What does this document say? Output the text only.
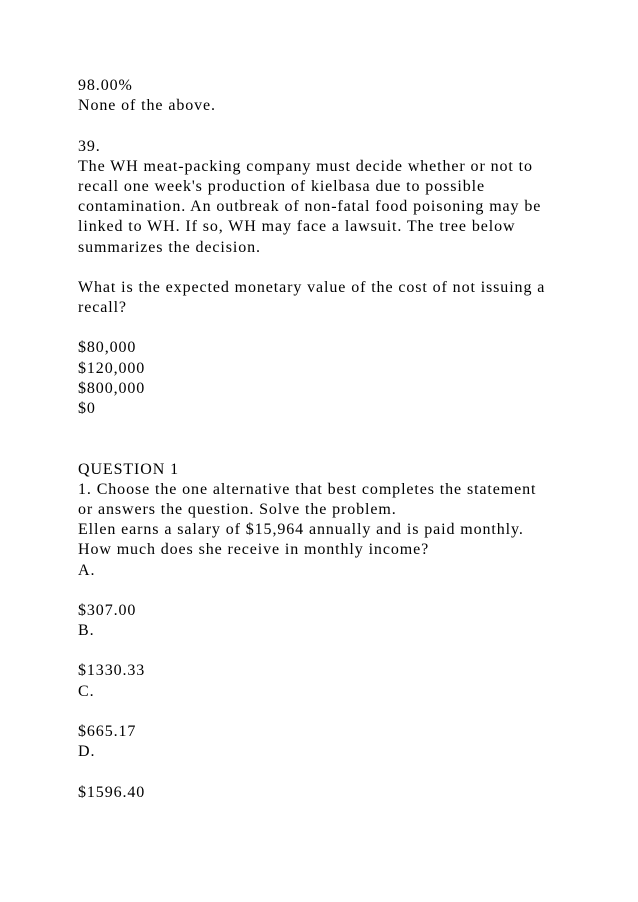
98.00%
None of the above.
39.
The WH meat-packing company must decide whether or not to
recall one week's production of kielbasa due to possible
contamination. An outbreak of non-fatal food poisoning may be
linked to WH. If so, WH may face a lawsuit. The tree below
summarizes the decision.
What is the expected monetary value of the cost of not issuing a
recall?
$80,000
$120,000
$800,000
$0
QUESTION 1
1. Choose the one alternative that best completes the statement
or answers the question. Solve the problem.
Ellen earns a salary of $15,964 annually and is paid monthly.
How much does she receive in monthly income?
A.
$307.00
B.
$1330.33
C.
$665.17
D.
$1596.40
